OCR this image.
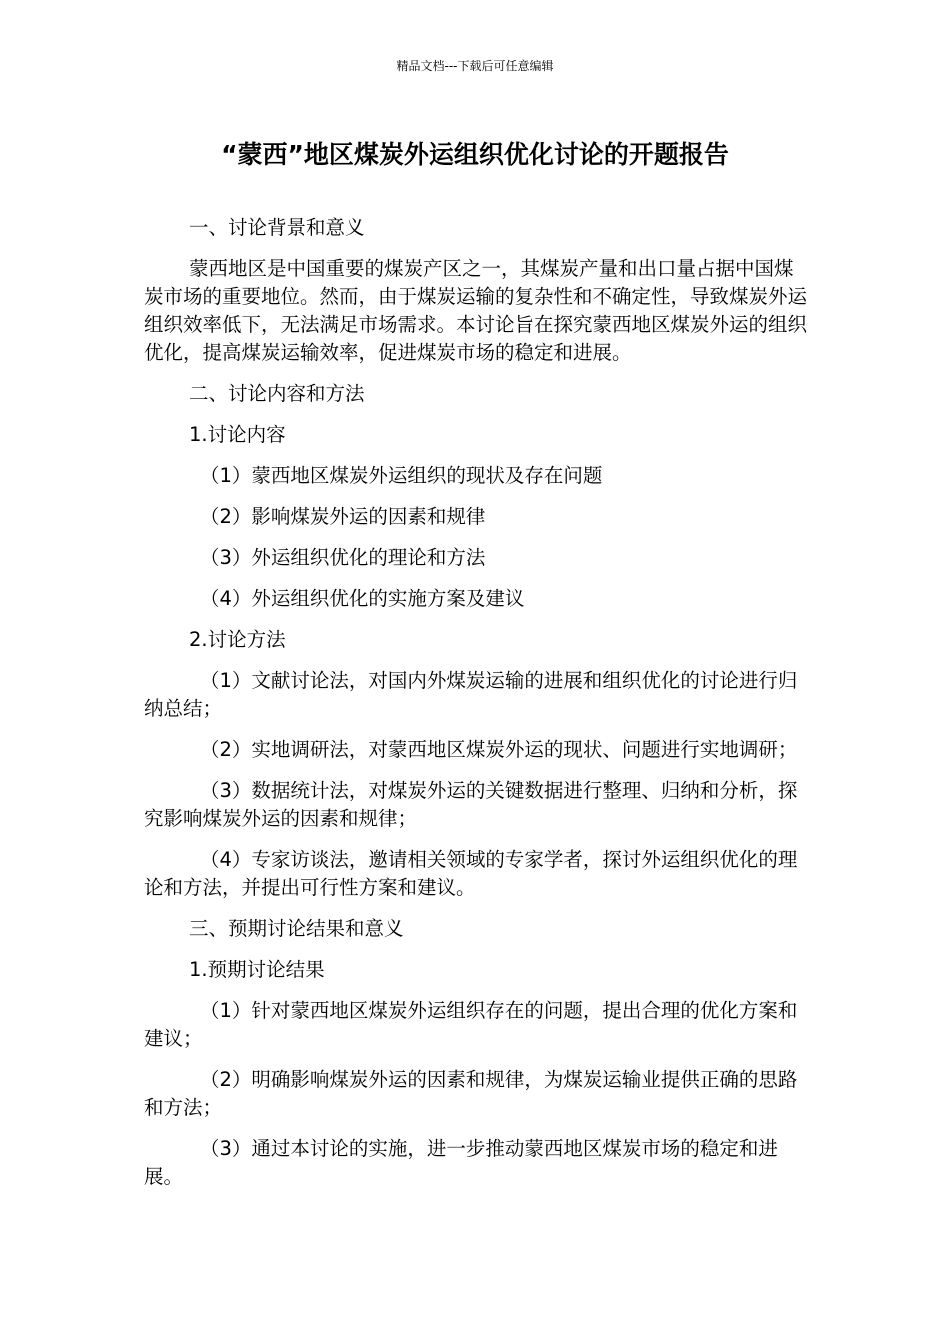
精品文档---下载后可任意编辑
“蒙西”地区煤炭外运组织优化讨论的开题报告

一、讨论背景和意义

蒙西地区是中国重要的煤炭产区之一，其煤炭产量和出口量占据中国煤炭市场的重要地位。然而，由于煤炭运输的复杂性和不确定性，导致煤炭外运组织效率低下，无法满足市场需求。本讨论旨在探究蒙西地区煤炭外运的组织优化，提高煤炭运输效率，促进煤炭市场的稳定和进展。

二、讨论内容和方法

1.讨论内容

（1）蒙西地区煤炭外运组织的现状及存在问题

（2）影响煤炭外运的因素和规律

（3）外运组织优化的理论和方法

（4）外运组织优化的实施方案及建议

2.讨论方法

（1）文献讨论法，对国内外煤炭运输的进展和组织优化的讨论进行归纳总结；

（2）实地调研法，对蒙西地区煤炭外运的现状、问题进行实地调研；

（3）数据统计法，对煤炭外运的关键数据进行整理、归纳和分析，探究影响煤炭外运的因素和规律；

（4）专家访谈法，邀请相关领域的专家学者，探讨外运组织优化的理论和方法，并提出可行性方案和建议。

三、预期讨论结果和意义

1.预期讨论结果

（1）针对蒙西地区煤炭外运组织存在的问题，提出合理的优化方案和建议；

（2）明确影响煤炭外运的因素和规律，为煤炭运输业提供正确的思路和方法；

（3）通过本讨论的实施，进一步推动蒙西地区煤炭市场的稳定和进展。
